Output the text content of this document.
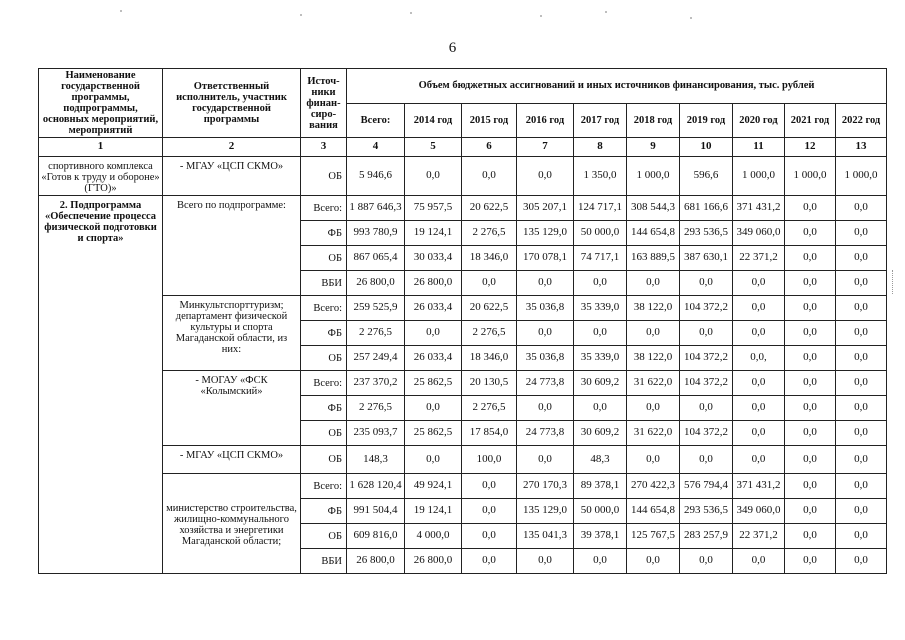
6
Наименование государственной программы, подпрограммы, основных мероприятий, мероприятий	Ответственный исполнитель, участник государственной программы	Источ-ники финан-сиро-вания	Объем бюджетных ассигнований и иных источников финансирования, тыс. рублей									
			Всего:	2014 год	2015 год	2016 год	2017 год	2018 год	2019 год	2020 год	2021 год	2022 год
1	2	3	4	5	6	7	8	9	10	11	12	13
спортивного комплекса «Готов к труду и обороне» (ГТО)»	- МГАУ «ЦСП СКМО»	ОБ	5 946,6	0,0	0,0	0,0	1 350,0	1 000,0	596,6	1 000,0	1 000,0	1 000,0
2. Подпрограмма «Обеспечение процесса физической подготовки и спорта»	Всего по подпрограмме:	Всего:	1 887 646,3	75 957,5	20 622,5	305 207,1	124 717,1	308 544,3	681 166,6	371 431,2	0,0	0,0
		ФБ	993 780,9	19 124,1	2 276,5	135 129,0	50 000,0	144 654,8	293 536,5	349 060,0	0,0	0,0
		ОБ	867 065,4	30 033,4	18 346,0	170 078,1	74 717,1	163 889,5	387 630,1	22 371,2	0,0	0,0
		ВБИ	26 800,0	26 800,0	0,0	0,0	0,0	0,0	0,0	0,0	0,0	0,0
	Минкультспорттуризм; департамент физической культуры и спорта Магаданской области, из них:	Всего:	259 525,9	26 033,4	20 622,5	35 036,8	35 339,0	38 122,0	104 372,2	0,0	0,0	0,0
		ФБ	2 276,5	0,0	2 276,5	0,0	0,0	0,0	0,0	0,0	0,0	0,0
		ОБ	257 249,4	26 033,4	18 346,0	35 036,8	35 339,0	38 122,0	104 372,2	0,0,	0,0	0,0
	- МОГАУ «ФСК «Колымский»	Всего:	237 370,2	25 862,5	20 130,5	24 773,8	30 609,2	31 622,0	104 372,2	0,0	0,0	0,0
		ФБ	2 276,5	0,0	2 276,5	0,0	0,0	0,0	0,0	0,0	0,0	0,0
		ОБ	235 093,7	25 862,5	17 854,0	24 773,8	30 609,2	31 622,0	104 372,2	0,0	0,0	0,0
	- МГАУ «ЦСП СКМО»	ОБ	148,3	0,0	100,0	0,0	48,3	0,0	0,0	0,0	0,0	0,0
	министерство строительства, жилищно-коммунального хозяйства и энергетики Магаданской области;	Всего:	1 628 120,4	49 924,1	0,0	270 170,3	89 378,1	270 422,3	576 794,4	371 431,2	0,0	0,0
		ФБ	991 504,4	19 124,1	0,0	135 129,0	50 000,0	144 654,8	293 536,5	349 060,0	0,0	0,0
		ОБ	609 816,0	4 000,0	0,0	135 041,3	39 378,1	125 767,5	283 257,9	22 371,2	0,0	0,0
		ВБИ	26 800,0	26 800,0	0,0	0,0	0,0	0,0	0,0	0,0	0,0	0,0
